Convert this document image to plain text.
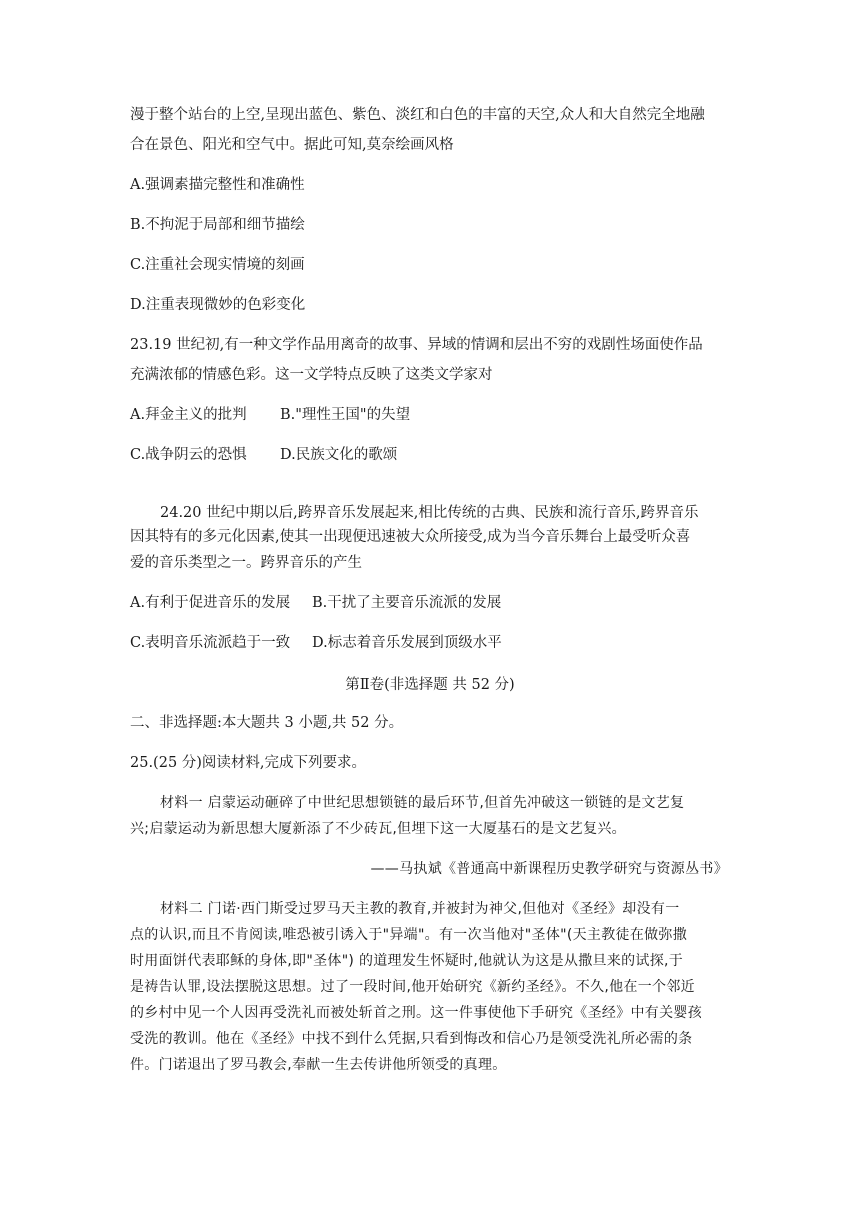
漫于整个站台的上空,呈现出蓝色、紫色、淡红和白色的丰富的天空,众人和大自然完全地融
合在景色、阳光和空气中。据此可知,莫奈绘画风格
A.强调素描完整性和准确性
B.不拘泥于局部和细节描绘
C.注重社会现实情境的刻画
D.注重表现微妙的色彩变化
23.19 世纪初,有一种文学作品用离奇的故事、异域的情调和层出不穷的戏剧性场面使作品
充满浓郁的情感色彩。这一文学特点反映了这类文学家对
A.拜金主义的批判 B."理性王国"的失望
C.战争阴云的恐惧 D.民族文化的歌颂
24.20 世纪中期以后,跨界音乐发展起来,相比传统的古典、民族和流行音乐,跨界音乐
因其特有的多元化因素,使其一出现便迅速被大众所接受,成为当今音乐舞台上最受听众喜
爱的音乐类型之一。跨界音乐的产生
A.有利于促进音乐的发展 B.干扰了主要音乐流派的发展
C.表明音乐流派趋于一致 D.标志着音乐发展到顶级水平
第Ⅱ卷(非选择题 共 52 分)
二、非选择题:本大题共 3 小题,共 52 分。
25.(25 分)阅读材料,完成下列要求。
材料一 启蒙运动砸碎了中世纪思想锁链的最后环节,但首先冲破这一锁链的是文艺复
兴;启蒙运动为新思想大厦新添了不少砖瓦,但埋下这一大厦基石的是文艺复兴。
——马执斌《普通高中新课程历史教学研究与资源丛书》
材料二 门诺·西门斯受过罗马天主教的教育,并被封为神父,但他对《圣经》却没有一
点的认识,而且不肯阅读,唯恐被引诱入于"异端"。有一次当他对"圣体"(天主教徒在做弥撒
时用面饼代表耶稣的身体,即"圣体") 的道理发生怀疑时,他就认为这是从撒旦来的试探,于
是祷告认罪,设法摆脱这思想。过了一段时间,他开始研究《新约圣经》。不久,他在一个邻近
的乡村中见一个人因再受洗礼而被处斩首之刑。这一件事使他下手研究《圣经》中有关婴孩
受洗的教训。他在《圣经》中找不到什么凭据,只看到悔改和信心乃是领受洗礼所必需的条
件。门诺退出了罗马教会,奉献一生去传讲他所领受的真理。
